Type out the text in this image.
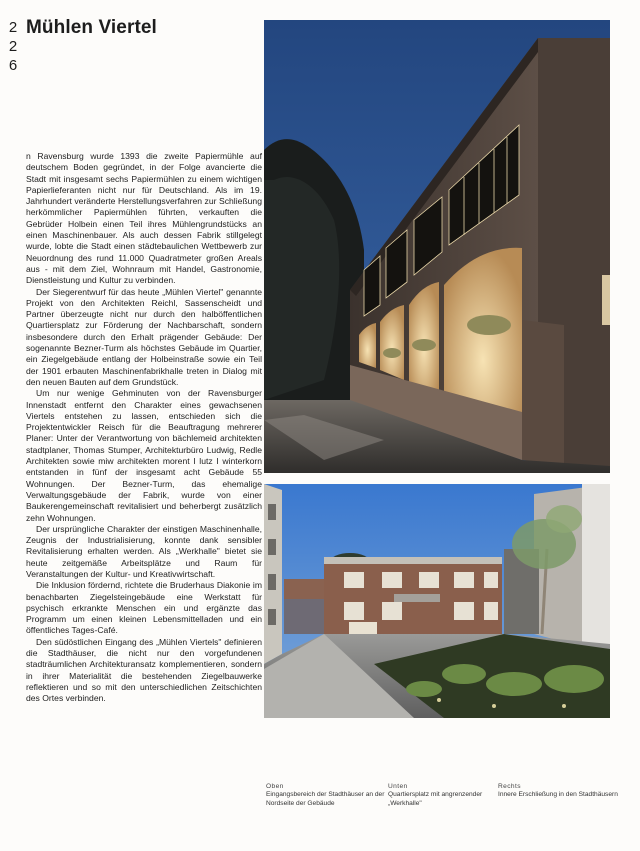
2
2
6
Mühlen Viertel

n Ravensburg wurde 1393 die zweite Papiermühle auf deutschem Boden gegründet, in der Folge avancierte die Stadt mit insgesamt sechs Papiermühlen zu einem wichtigen Papierlieferanten nicht nur für Deutschland. Als im 19. Jahrhundert veränderte Herstellungsverfahren zur Schließung herkömmlicher Papiermühlen führten, verkauften die Gebrüder Holbein einen Teil ihres Mühlengrundstücks an einen Maschinenbauer. Als auch dessen Fabrik stillgelegt wurde, lobte die Stadt einen städtebaulichen Wettbewerb zur Neuordnung des rund 11.000 Quadratmeter großen Areals aus - mit dem Ziel, Wohnraum mit Handel, Gastronomie, Dienstleistung und Kultur zu verbinden.

Der Siegerentwurf für das heute „Mühlen Viertel" genannte Projekt von den Architekten Reichl, Sassenscheidt und Partner überzeugte nicht nur durch den halböffentlichen Quartiersplatz zur Förderung der Nachbarschaft, sondern insbesondere durch den Erhalt prägender Gebäude: Der sogenannte Bezner-Turm als höchstes Gebäude im Quartier, ein Ziegelgebäude entlang der Holbeinstraße sowie ein Teil der 1901 erbauten Maschinenfabrikhalle treten in Dialog mit den neuen Bauten auf dem Grundstück.

Um nur wenige Gehminuten von der Ravensburger Innenstadt entfernt den Charakter eines gewachsenen Viertels entstehen zu lassen, entschieden sich die Projektentwickler Reisch für die Beauftragung mehrerer Planer: Unter der Verantwortung von bächlemeid architekten stadtplaner, Thomas Stumper, Architekturbüro Ludwig, Redle Architekten sowie miw architekten morent I lutz I winterkorn entstanden in fünf der insgesamt acht Gebäude 55 Wohnungen. Der Bezner-Turm, das ehemalige Verwaltungsgebäude der Fabrik, wurde von einer Baukerengemeinschaft revitalisiert und beherbergt zusätzlich zehn Wohnungen.

Der ursprüngliche Charakter der einstigen Maschinenhalle, Zeugnis der Industrialisierung, konnte dank sensibler Revitalisierung erhalten werden. Als „Werkhalle" bietet sie heute zeitgemäße Arbeitsplätze und Raum für Veranstaltungen der Kultur- und Kreativwirtschaft.

Die Inklusion fördernd, richtete die Bruderhaus Diakonie im benachbarten Ziegelsteingebäude eine Werkstatt für psychisch erkrankte Menschen ein und ergänzte das Programm um einen kleinen Lebensmittelladen und ein öffentliches Tages-Café.

Den südöstlichen Eingang des „Mühlen Viertels" definieren die Stadthäuser, die nicht nur den vorgefundenen stadträumlichen Architekturansatz komplementieren, sondern in ihrer Materialität die bestehenden Ziegelbauwerke reflektieren und so mit den unterschiedlichen Zeitschichten des Ortes verbinden.

Oben
Eingangsbereich der Stadthäuser an der Nordseite der Gebäude
Unten
Quartiersplatz mit angrenzender „Werkhalle"
Rechts
Innere Erschließung in den Stadthäusern
